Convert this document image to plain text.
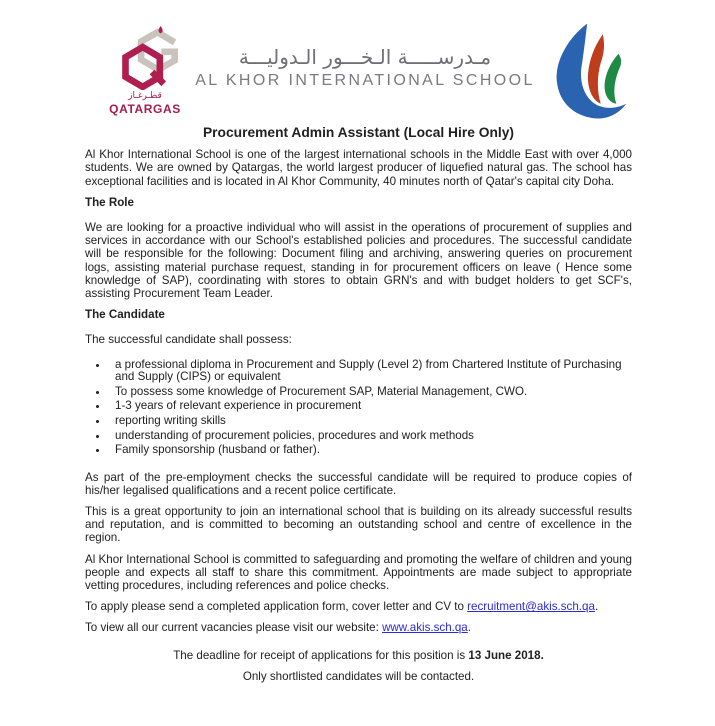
قطـرغـاز
QATARGAS
مـدرســـــة الـخـــور الـدوليـــة
AL KHOR INTERNATIONAL SCHOOL
Procurement Admin Assistant (Local Hire Only)

Al Khor International School is one of the largest international schools in the Middle East with over 4,000 students. We are owned by Qatargas, the world largest producer of liquefied natural gas. The school has exceptional facilities and is located in Al Khor Community, 40 minutes north of Qatar's capital city Doha.

The Role

We are looking for a proactive individual who will assist in the operations of procurement of supplies and services in accordance with our School's established policies and procedures. The successful candidate will be responsible for the following: Document filing and archiving, answering queries on procurement logs, assisting material purchase request, standing in for procurement officers on leave ( Hence some knowledge of SAP), coordinating with stores to obtain GRN's and with budget holders to get SCF's, assisting Procurement Team Leader.

The Candidate

The successful candidate shall possess:

• a professional diploma in Procurement and Supply (Level 2) from Chartered Institute of Purchasing and Supply (CIPS) or equivalent
• To possess some knowledge of Procurement SAP, Material Management, CWO.
• 1-3 years of relevant experience in procurement
• reporting writing skills
• understanding of procurement policies, procedures and work methods
• Family sponsorship (husband or father).

As part of the pre-employment checks the successful candidate will be required to produce copies of his/her legalised qualifications and a recent police certificate.

This is a great opportunity to join an international school that is building on its already successful results and reputation, and is committed to becoming an outstanding school and centre of excellence in the region.

Al Khor International School is committed to safeguarding and promoting the welfare of children and young people and expects all staff to share this commitment. Appointments are made subject to appropriate vetting procedures, including references and police checks.

To apply please send a completed application form, cover letter and CV to recruitment@akis.sch.qa.

To view all our current vacancies please visit our website: www.akis.sch.qa.

The deadline for receipt of applications for this position is 13 June 2018.

Only shortlisted candidates will be contacted.
